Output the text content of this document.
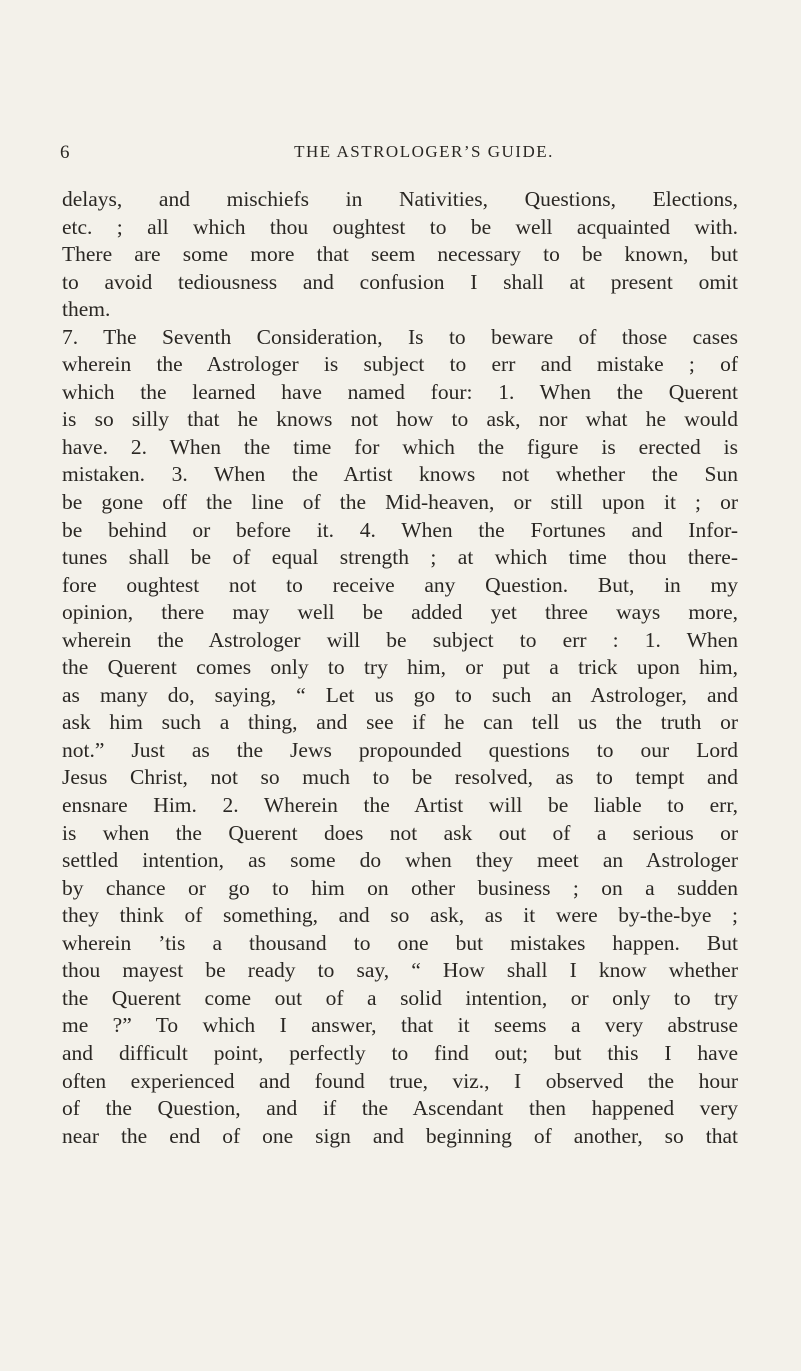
6	THE ASTROLOGER’S GUIDE.
delays, and mischiefs in Nativities, Questions, Elections,
etc. ; all which thou oughtest to be well acquainted with.
There are some more that seem necessary to be known, but
to avoid tediousness and confusion I shall at present omit
them.
7. The Seventh Consideration, Is to beware of those cases
wherein the Astrologer is subject to err and mistake ; of
which the learned have named four: 1. When the Querent
is so silly that he knows not how to ask, nor what he would
have. 2. When the time for which the figure is erected is
mistaken. 3. When the Artist knows not whether the Sun
be gone off the line of the Mid-heaven, or still upon it ; or
be behind or before it. 4. When the Fortunes and Infor-
tunes shall be of equal strength ; at which time thou there-
fore oughtest not to receive any Question. But, in my
opinion, there may well be added yet three ways more,
wherein the Astrologer will be subject to err : 1. When
the Querent comes only to try him, or put a trick upon him,
as many do, saying, “ Let us go to such an Astrologer, and
ask him such a thing, and see if he can tell us the truth or
not.” Just as the Jews propounded questions to our Lord
Jesus Christ, not so much to be resolved, as to tempt and
ensnare Him. 2. Wherein the Artist will be liable to err,
is when the Querent does not ask out of a serious or
settled intention, as some do when they meet an Astrologer
by chance or go to him on other business ; on a sudden
they think of something, and so ask, as it were by-the-bye ;
wherein ’tis a thousand to one but mistakes happen. But
thou mayest be ready to say, “ How shall I know whether
the Querent come out of a solid intention, or only to try
me ?” To which I answer, that it seems a very abstruse
and difficult point, perfectly to find out; but this I have
often experienced and found true, viz., I observed the hour
of the Question, and if the Ascendant then happened very
near the end of one sign and beginning of another, so that
